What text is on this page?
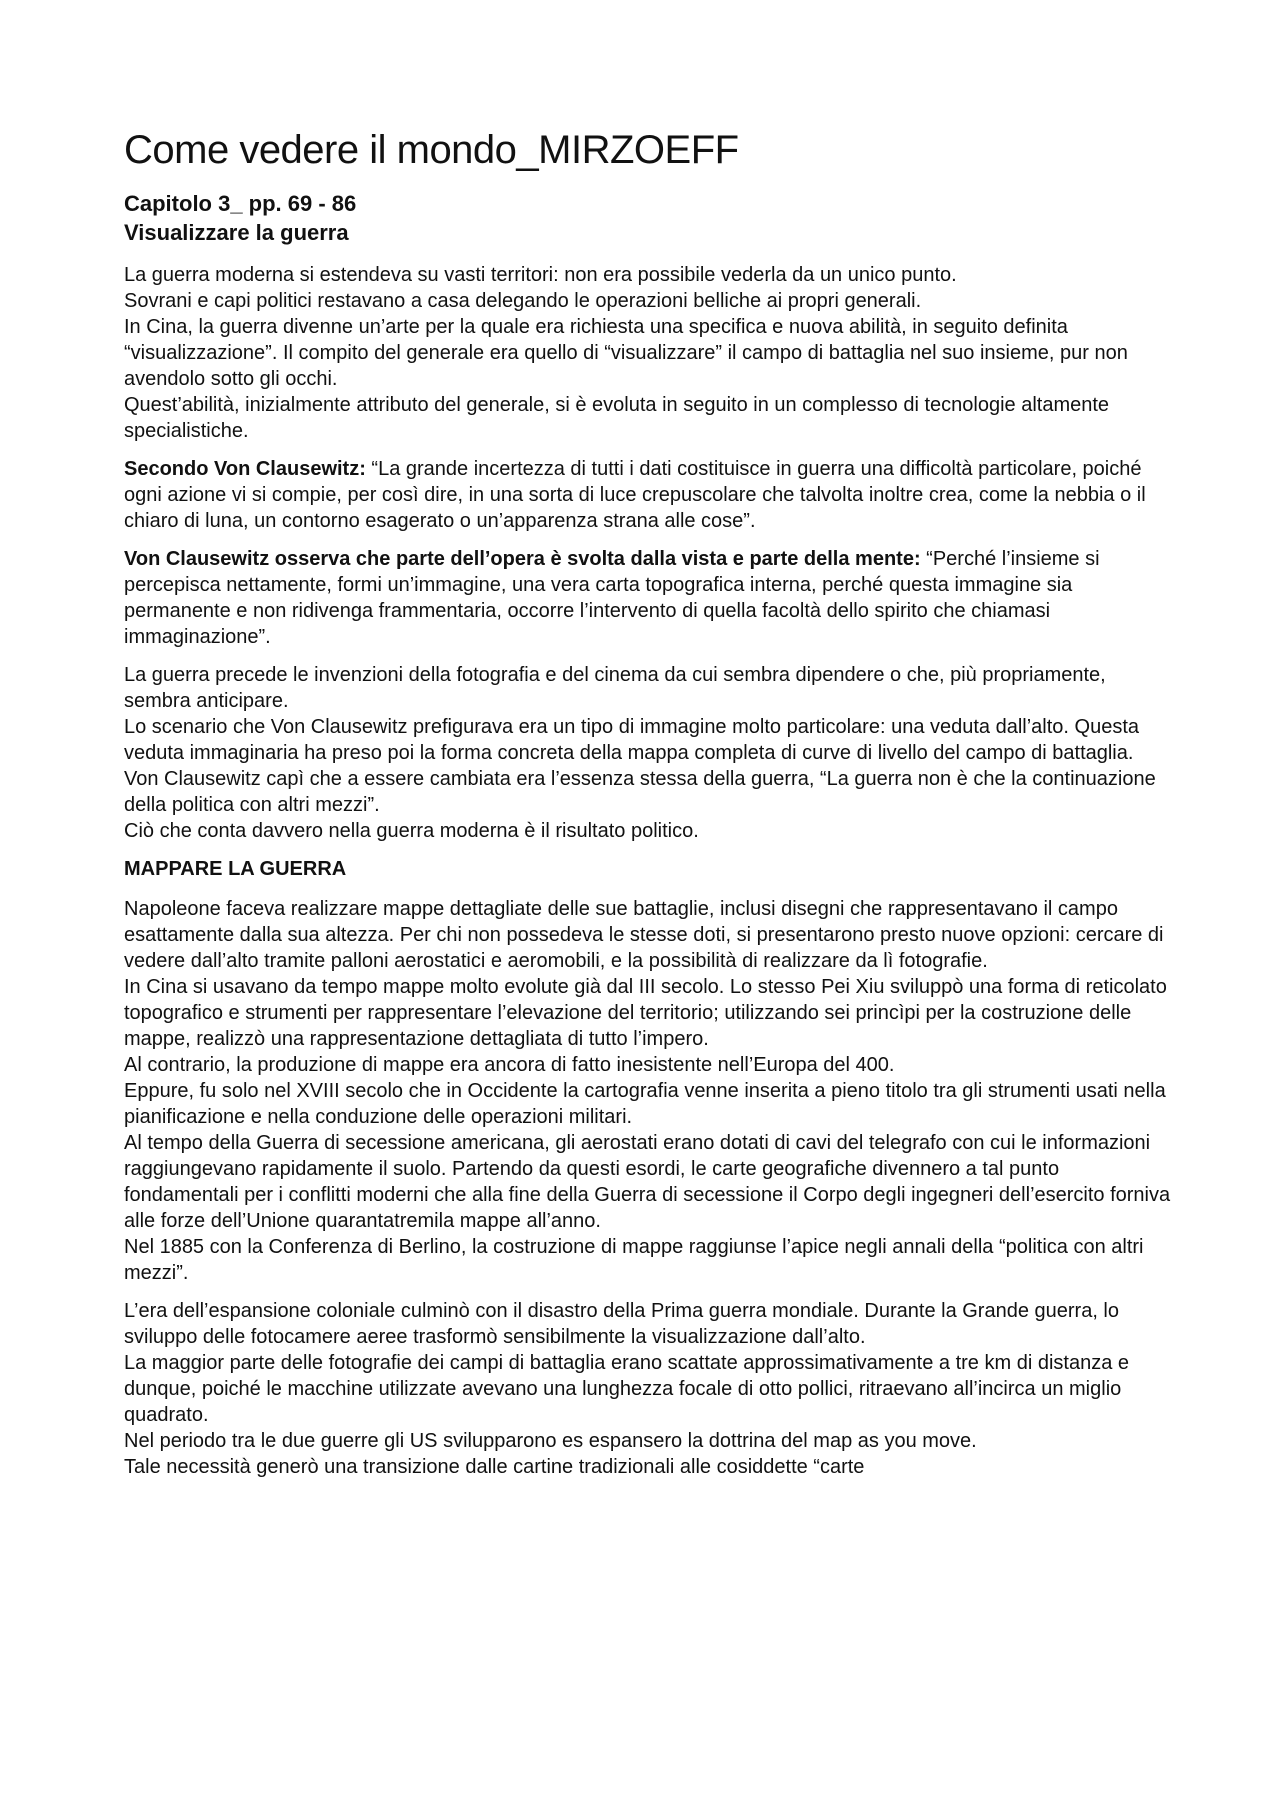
Come vedere il mondo_MIRZOEFF
Capitolo 3_ pp. 69 - 86
Visualizzare la guerra

La guerra moderna si estendeva su vasti territori: non era possibile vederla da un unico punto.

Sovrani e capi politici restavano a casa delegando le operazioni belliche ai propri generali.

In Cina, la guerra divenne un’arte per la quale era richiesta una specifica e nuova abilità, in seguito definita “visualizzazione”. Il compito del generale era quello di “visualizzare” il campo di battaglia nel suo insieme, pur non avendolo sotto gli occhi.

Quest’abilità, inizialmente attributo del generale, si è evoluta in seguito in un complesso di tecnologie altamente specialistiche.

Secondo Von Clausewitz: “La grande incertezza di tutti i dati costituisce in guerra una difficoltà particolare, poiché ogni azione vi si compie, per così dire, in una sorta di luce crepuscolare che talvolta inoltre crea, come la nebbia o il chiaro di luna, un contorno esagerato o un’apparenza strana alle cose”.

Von Clausewitz osserva che parte dell’opera è svolta dalla vista e parte della mente: “Perché l’insieme si percepisca nettamente, formi un’immagine, una vera carta topografica interna, perché questa immagine sia permanente e non ridivenga frammentaria, occorre l’intervento di quella facoltà dello spirito che chiamasi immaginazione”.

La guerra precede le invenzioni della fotografia e del cinema da cui sembra dipendere o che, più propriamente, sembra anticipare.

Lo scenario che Von Clausewitz prefigurava era un tipo di immagine molto particolare: una veduta dall’alto. Questa veduta immaginaria ha preso poi la forma concreta della mappa completa di curve di livello del campo di battaglia.

Von Clausewitz capì che a essere cambiata era l’essenza stessa della guerra, “La guerra non è che la continuazione della politica con altri mezzi”.

Ciò che conta davvero nella guerra moderna è il risultato politico.

MAPPARE LA GUERRA

Napoleone faceva realizzare mappe dettagliate delle sue battaglie, inclusi disegni che rappresentavano il campo esattamente dalla sua altezza. Per chi non possedeva le stesse doti, si presentarono presto nuove opzioni: cercare di vedere dall’alto tramite palloni aerostatici e aeromobili, e la possibilità di realizzare da lì fotografie.

In Cina si usavano da tempo mappe molto evolute già dal III secolo. Lo stesso Pei Xiu sviluppò una forma di reticolato topografico e strumenti per rappresentare l’elevazione del territorio; utilizzando sei princìpi per la costruzione delle mappe, realizzò una rappresentazione dettagliata di tutto l’impero.

Al contrario, la produzione di mappe era ancora di fatto inesistente nell’Europa del 400.

Eppure, fu solo nel XVIII secolo che in Occidente la cartografia venne inserita a pieno titolo tra gli strumenti usati nella pianificazione e nella conduzione delle operazioni militari.

Al tempo della Guerra di secessione americana, gli aerostati erano dotati di cavi del telegrafo con cui le informazioni raggiungevano rapidamente il suolo. Partendo da questi esordi, le carte geografiche divennero a tal punto fondamentali per i conflitti moderni che alla fine della Guerra di secessione il Corpo degli ingegneri dell’esercito forniva alle forze dell’Unione quarantatremila mappe all’anno.

Nel 1885 con la Conferenza di Berlino, la costruzione di mappe raggiunse l’apice negli annali della “politica con altri mezzi”.

L’era dell’espansione coloniale culminò con il disastro della Prima guerra mondiale. Durante la Grande guerra, lo sviluppo delle fotocamere aeree trasformò sensibilmente la visualizzazione dall’alto.

La maggior parte delle fotografie dei campi di battaglia erano scattate approssimativamente a tre km di distanza e dunque, poiché le macchine utilizzate avevano una lunghezza focale di otto pollici, ritraevano all’incirca un miglio quadrato.

Nel periodo tra le due guerre gli US svilupparono es espansero la dottrina del map as you move.

Tale necessità generò una transizione dalle cartine tradizionali alle cosiddette “carte
